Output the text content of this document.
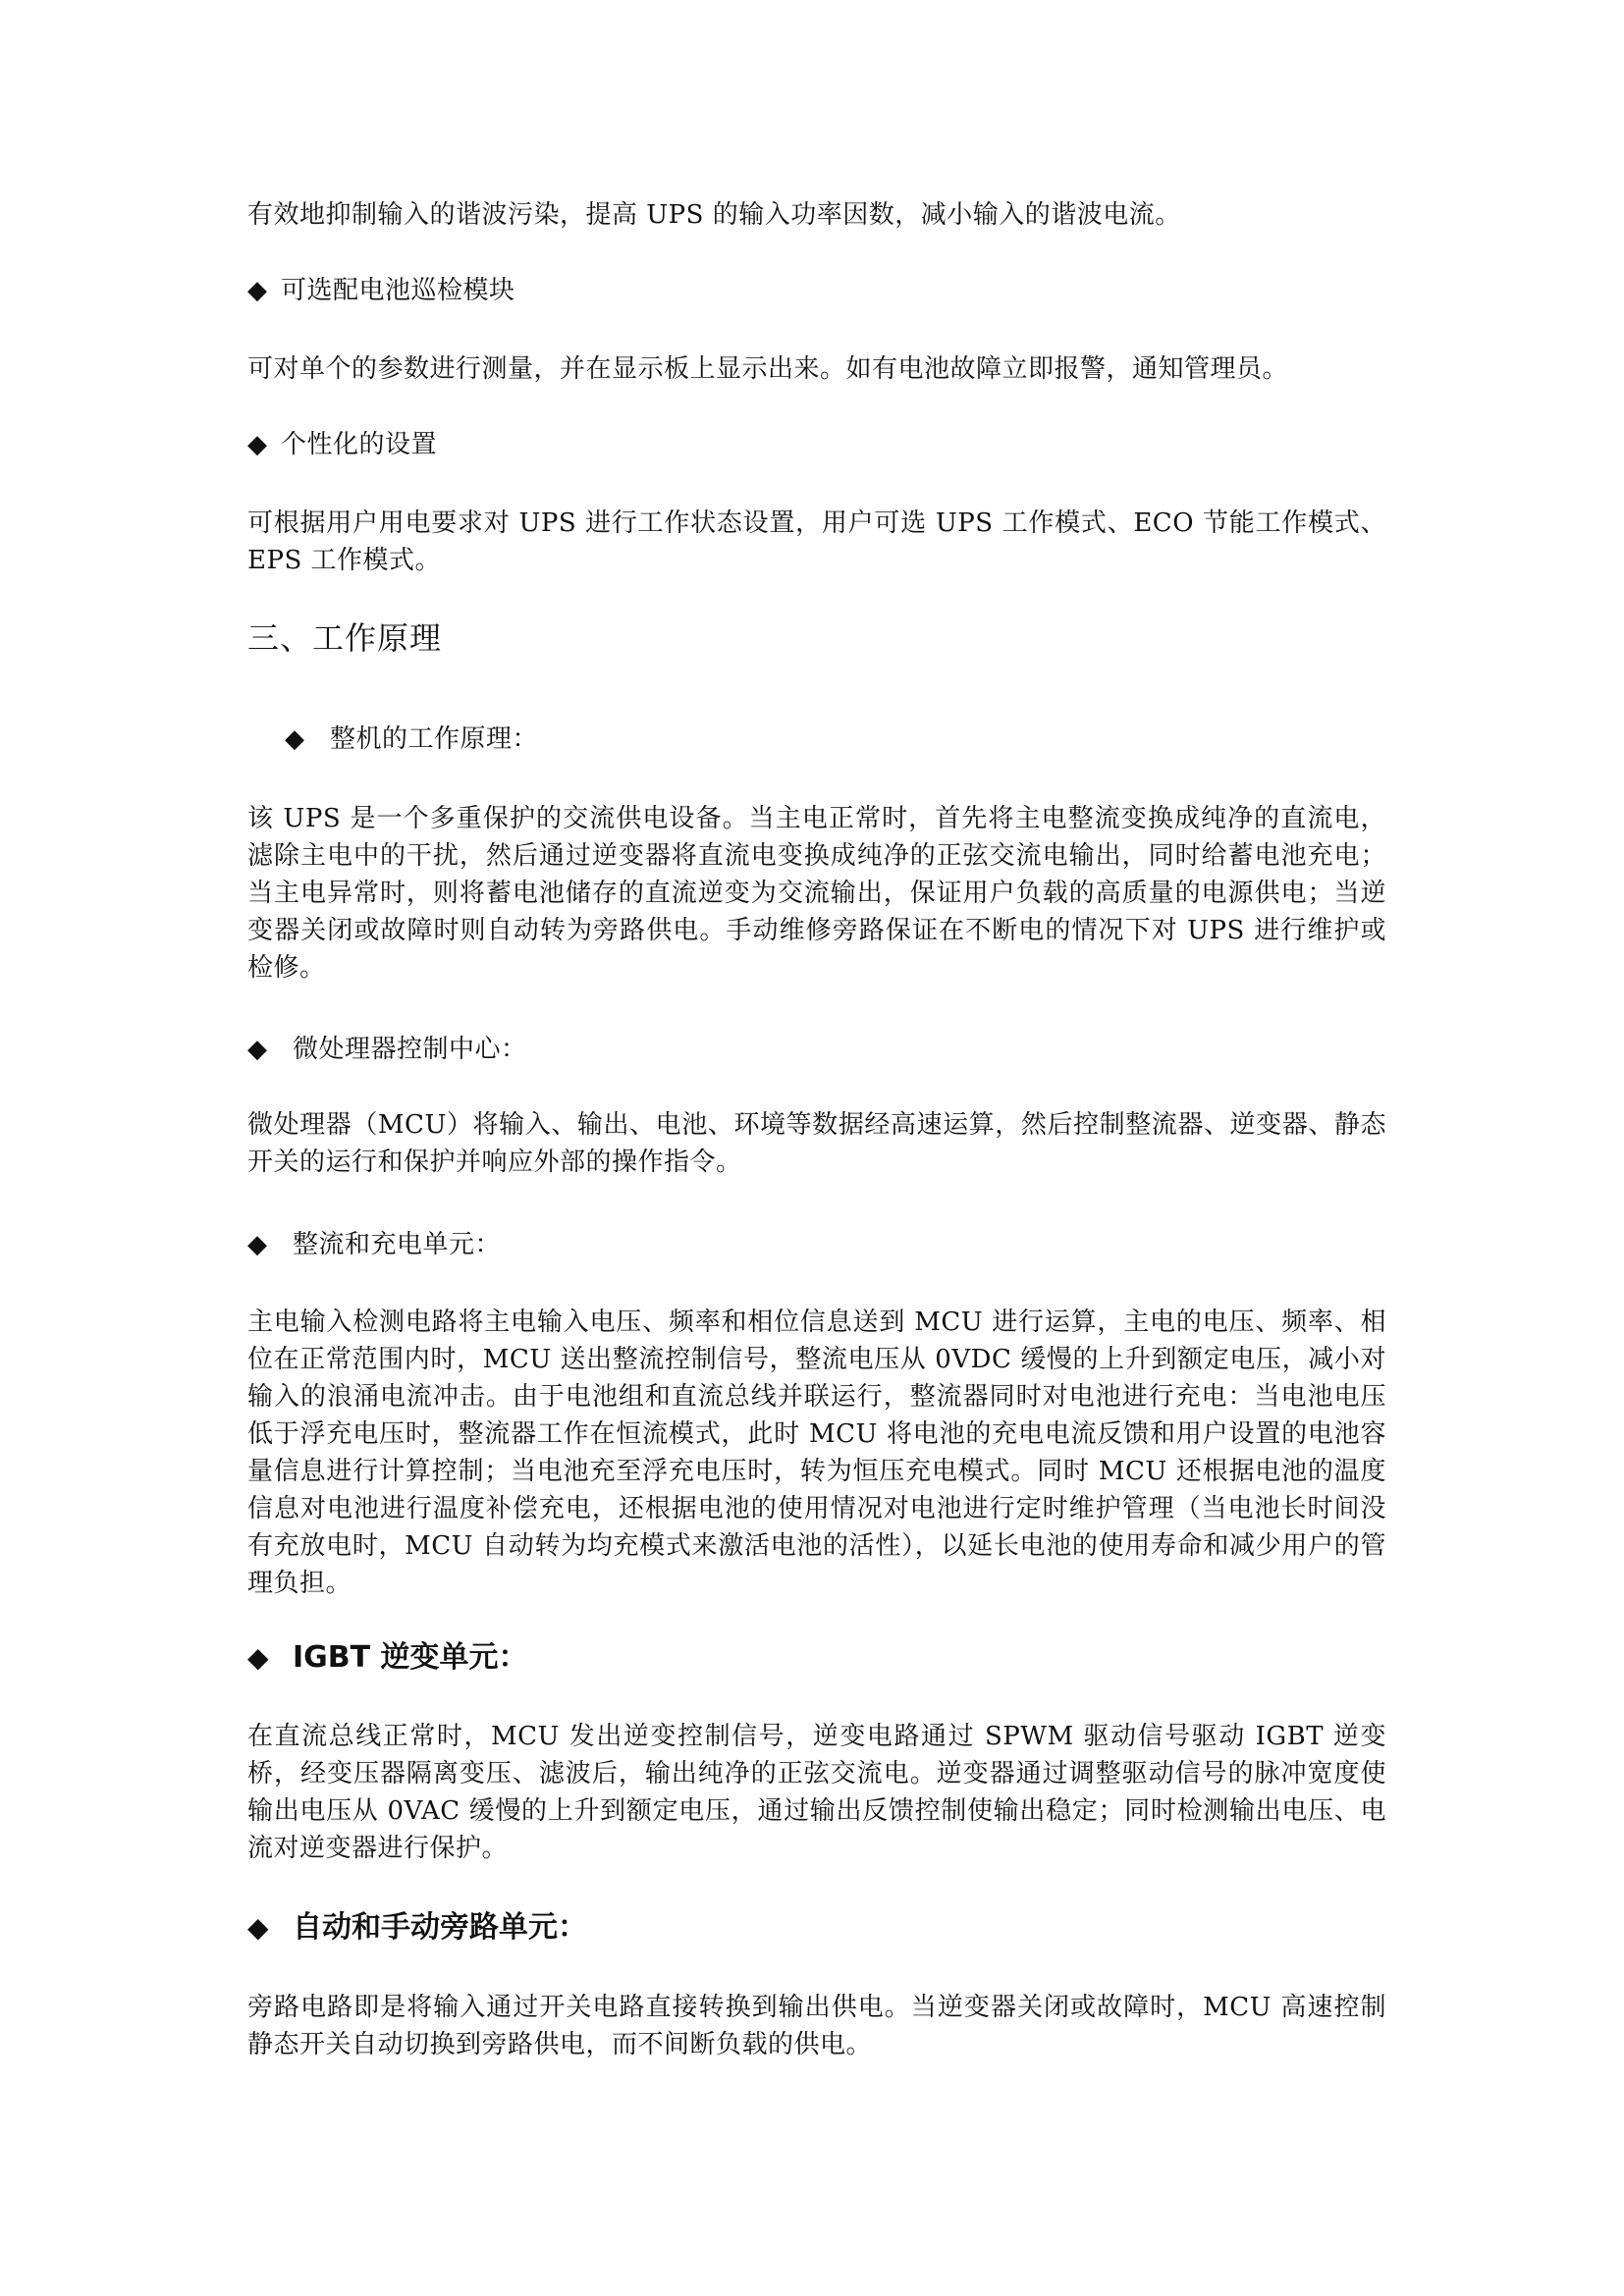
有效地抑制输入的谐波污染，提高 UPS 的输入功率因数，减小输入的谐波电流。

◆ 可选配电池巡检模块

可对单个的参数进行测量，并在显示板上显示出来。如有电池故障立即报警，通知管理员。

◆ 个性化的设置

可根据用户用电要求对 UPS 进行工作状态设置，用户可选 UPS 工作模式、ECO 节能工作模式、EPS 工作模式。

三、工作原理
◆ 整机的工作原理：

该 UPS 是一个多重保护的交流供电设备。当主电正常时，首先将主电整流变换成纯净的直流电，滤除主电中的干扰，然后通过逆变器将直流电变换成纯净的正弦交流电输出，同时给蓄电池充电；当主电异常时，则将蓄电池储存的直流逆变为交流输出，保证用户负载的高质量的电源供电；当逆变器关闭或故障时则自动转为旁路供电。手动维修旁路保证在不断电的情况下对 UPS 进行维护或检修。

◆ 微处理器控制中心：

微处理器（MCU）将输入、输出、电池、环境等数据经高速运算，然后控制整流器、逆变器、静态开关的运行和保护并响应外部的操作指令。

◆ 整流和充电单元：

主电输入检测电路将主电输入电压、频率和相位信息送到 MCU 进行运算，主电的电压、频率、相位在正常范围内时，MCU 送出整流控制信号，整流电压从 0VDC 缓慢的上升到额定电压，减小对输入的浪涌电流冲击。由于电池组和直流总线并联运行，整流器同时对电池进行充电：当电池电压低于浮充电压时，整流器工作在恒流模式，此时 MCU 将电池的充电电流反馈和用户设置的电池容量信息进行计算控制；当电池充至浮充电压时，转为恒压充电模式。同时 MCU 还根据电池的温度信息对电池进行温度补偿充电，还根据电池的使用情况对电池进行定时维护管理（当电池长时间没有充放电时，MCU 自动转为均充模式来激活电池的活性），以延长电池的使用寿命和减少用户的管理负担。

◆ IGBT 逆变单元：

在直流总线正常时，MCU 发出逆变控制信号，逆变电路通过 SPWM 驱动信号驱动 IGBT 逆变桥，经变压器隔离变压、滤波后，输出纯净的正弦交流电。逆变器通过调整驱动信号的脉冲宽度使输出电压从 0VAC 缓慢的上升到额定电压，通过输出反馈控制使输出稳定；同时检测输出电压、电流对逆变器进行保护。

◆ 自动和手动旁路单元：

旁路电路即是将输入通过开关电路直接转换到输出供电。当逆变器关闭或故障时，MCU 高速控制静态开关自动切换到旁路供电，而不间断负载的供电。
